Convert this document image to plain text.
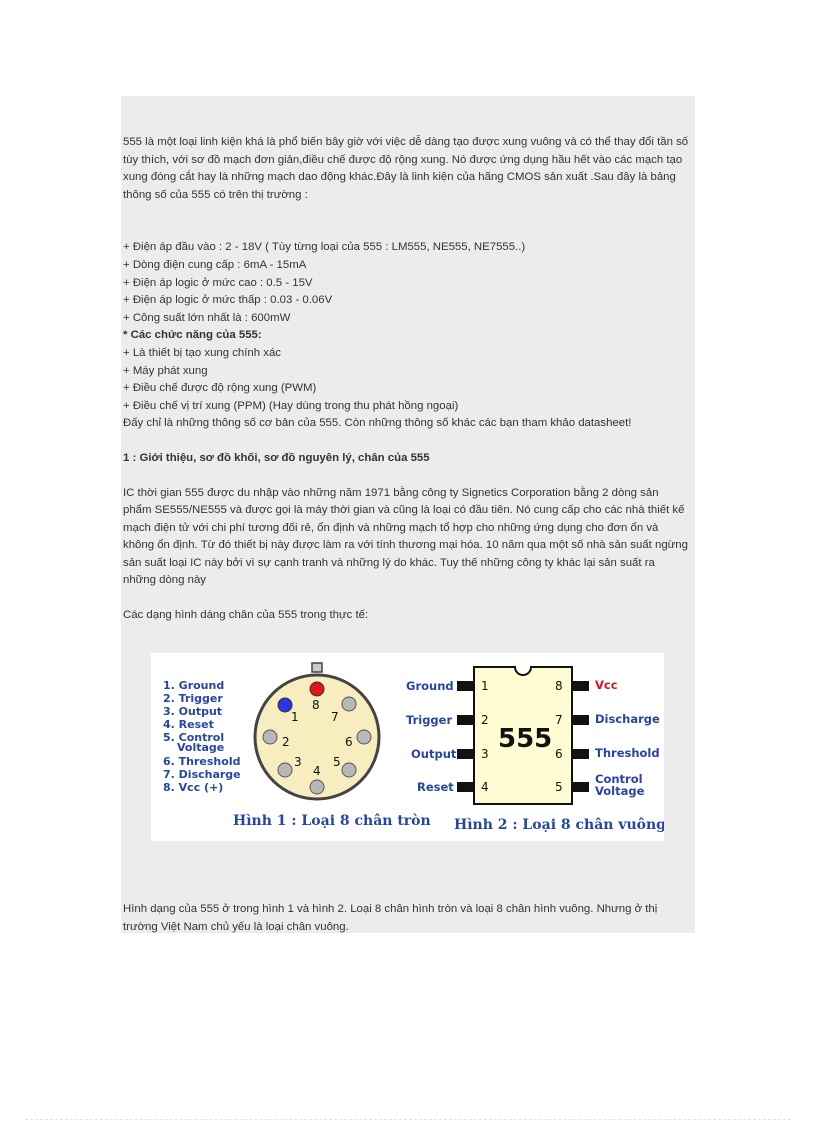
555 là một loại linh kiện khá là phổ biến bây giờ với việc dễ dàng tạo được xung vuông và có thể thay đổi tần số tùy thích, với sơ đồ mạch đơn giản,điều chế được độ rộng xung. Nó được ứng dụng hầu hết vào các mạch tạo xung đóng cắt hay là những mạch dao động khác.Đây là linh kiện của hãng CMOS sản xuất .Sau đây là bảng thông số của 555 có trên thị trường :

+ Điện áp đầu vào : 2 - 18V ( Tùy từng loại của 555 : LM555, NE555, NE7555..)

+ Dòng điện cung cấp : 6mA - 15mA

+ Điện áp logic ở mức cao : 0.5 - 15V

+ Điện áp logic ở mức thấp : 0.03 - 0.06V

+ Công suất lớn nhất là : 600mW

* Các chức năng của 555:

+ Là thiết bị tạo xung chính xác

+ Máy phát xung

+ Điều chế được độ rộng xung (PWM)

+ Điều chế vị trí xung (PPM) (Hay dùng trong thu phát hồng ngoại)

Đấy chỉ là những thông số cơ bản của 555. Còn những thông số khác các bạn tham khảo datasheet!

1 : Giới thiệu, sơ đồ khối, sơ đồ nguyên lý, chân của 555

IC thời gian 555 được du nhập vào những năm 1971 bằng công ty Signetics Corporation bằng 2 dòng sản phẩm SE555/NE555 và được gọi là máy thời gian và cũng là loại có đầu tiên. Nó cung cấp cho các nhà thiết kế mạch điện tử với chi phí tương đối rẻ, ổn định và những mạch tổ hợp cho những ứng dụng cho đơn ổn và không ổn định. Từ đó thiết bị này được làm ra với tính thương mại hóa. 10 năm qua một số nhà sản suất ngừng sản suất loại IC này bởi vì sự cạnh tranh và những lý do khác. Tuy thế những công ty khác lại sản suất ra những dòng này

Các dạng hình dáng chân của 555 trong thực tế:

1. Ground
2. Trigger
3. Output
4. Reset
5. Control
Voltage
6. Threshold
7. Discharge
8. Vcc (+)
1
2
3
4
5
6
7
8
Hình 1 : Loại 8 chân tròn
555
1
2
3
4
8
7
6
5
Ground
Trigger
Output
Reset
Vcc
Discharge
Threshold
Control
Voltage
Hình 2 : Loại 8 chân vuông

Hình dạng của 555 ở trong hình 1 và hình 2. Loại 8 chân hình tròn và loại 8 chân hình vuông. Nhưng ở thị trường Việt Nam chủ yếu là loại chân vuông.
